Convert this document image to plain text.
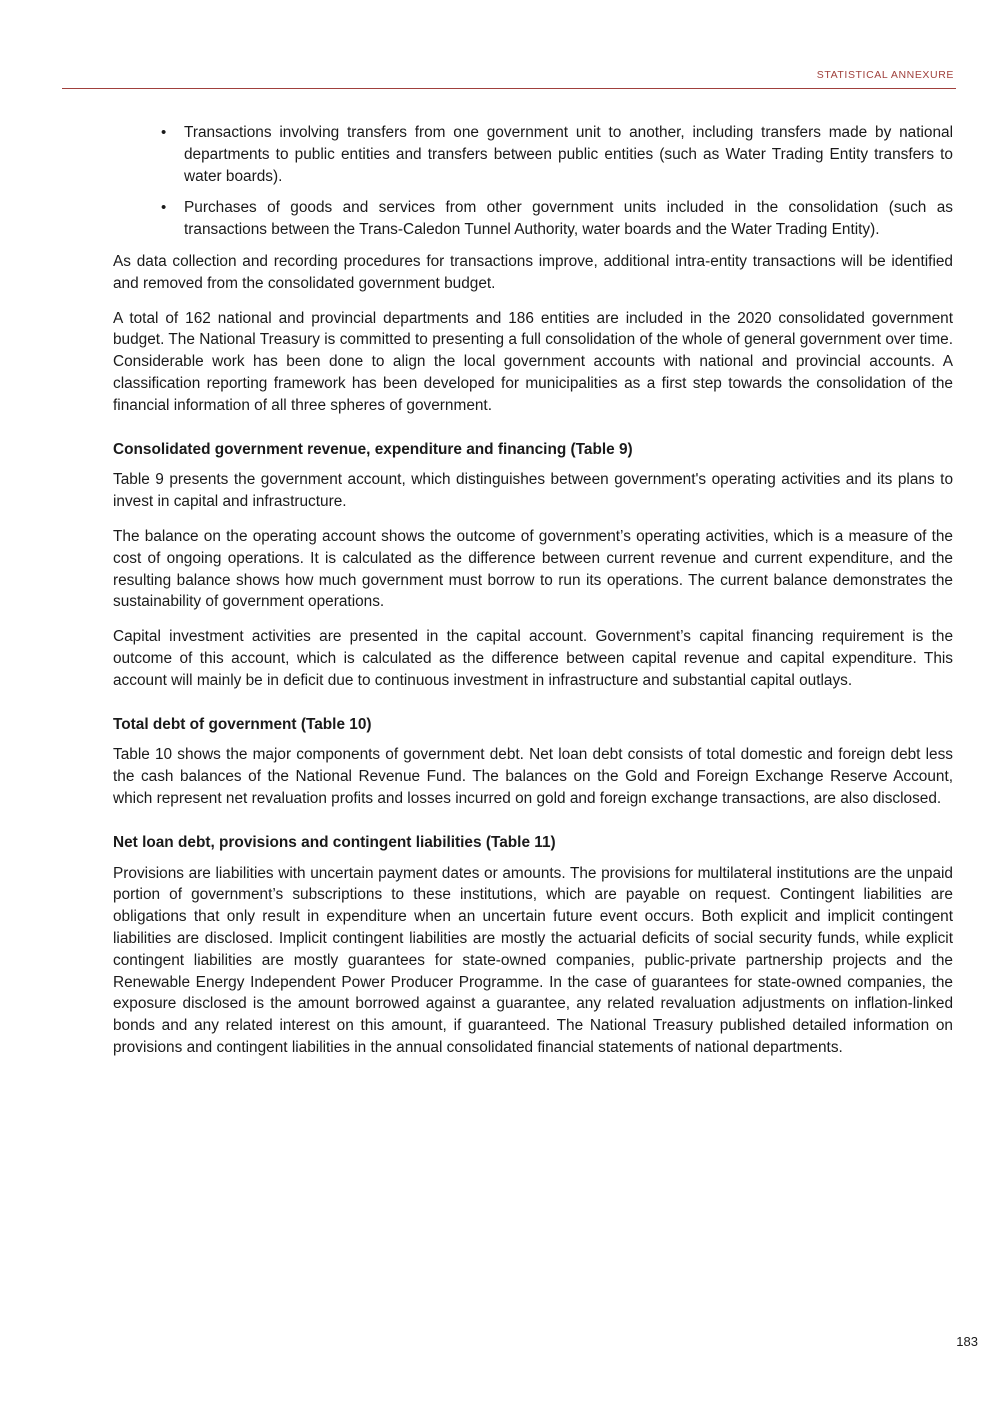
STATISTICAL ANNEXURE
• Transactions involving transfers from one government unit to another, including transfers made by national departments to public entities and transfers between public entities (such as Water Trading Entity transfers to water boards).
• Purchases of goods and services from other government units included in the consolidation (such as transactions between the Trans-Caledon Tunnel Authority, water boards and the Water Trading Entity).

As data collection and recording procedures for transactions improve, additional intra-entity transactions will be identified and removed from the consolidated government budget.

A total of 162 national and provincial departments and 186 entities are included in the 2020 consolidated government budget. The National Treasury is committed to presenting a full consolidation of the whole of general government over time. Considerable work has been done to align the local government accounts with national and provincial accounts. A classification reporting framework has been developed for municipalities as a first step towards the consolidation of the financial information of all three spheres of government.

Consolidated government revenue, expenditure and financing (Table 9)

Table 9 presents the government account, which distinguishes between government's operating activities and its plans to invest in capital and infrastructure.

The balance on the operating account shows the outcome of government’s operating activities, which is a measure of the cost of ongoing operations. It is calculated as the difference between current revenue and current expenditure, and the resulting balance shows how much government must borrow to run its operations. The current balance demonstrates the sustainability of government operations.

Capital investment activities are presented in the capital account. Government’s capital financing requirement is the outcome of this account, which is calculated as the difference between capital revenue and capital expenditure. This account will mainly be in deficit due to continuous investment in infrastructure and substantial capital outlays.

Total debt of government (Table 10)

Table 10 shows the major components of government debt. Net loan debt consists of total domestic and foreign debt less the cash balances of the National Revenue Fund. The balances on the Gold and Foreign Exchange Reserve Account, which represent net revaluation profits and losses incurred on gold and foreign exchange transactions, are also disclosed.

Net loan debt, provisions and contingent liabilities (Table 11)

Provisions are liabilities with uncertain payment dates or amounts. The provisions for multilateral institutions are the unpaid portion of government’s subscriptions to these institutions, which are payable on request. Contingent liabilities are obligations that only result in expenditure when an uncertain future event occurs. Both explicit and implicit contingent liabilities are disclosed. Implicit contingent liabilities are mostly the actuarial deficits of social security funds, while explicit contingent liabilities are mostly guarantees for state-owned companies, public-private partnership projects and the Renewable Energy Independent Power Producer Programme. In the case of guarantees for state-owned companies, the exposure disclosed is the amount borrowed against a guarantee, any related revaluation adjustments on inflation-linked bonds and any related interest on this amount, if guaranteed. The National Treasury published detailed information on provisions and contingent liabilities in the annual consolidated financial statements of national departments.

183
